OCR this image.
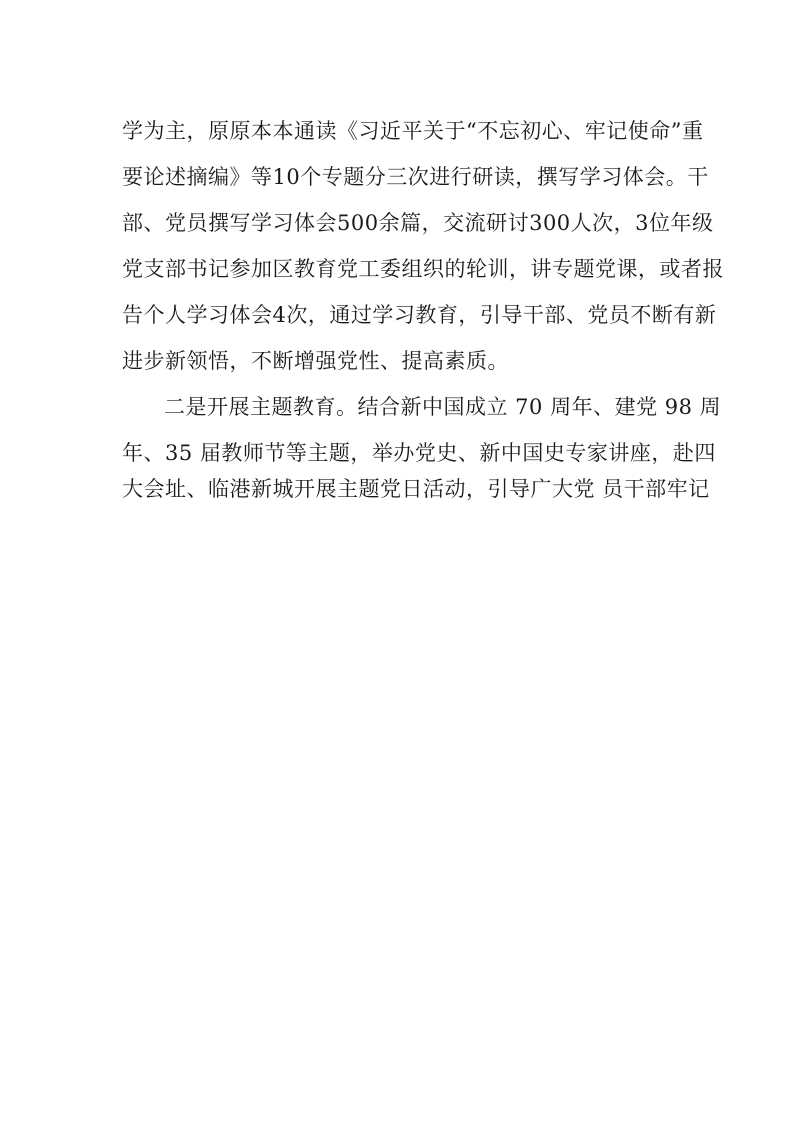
学为主，原原本本通读《习近平关于“不忘初心、牢记使命”重
要论述摘编》等10个专题分三次进行研读，撰写学习体会。干
部、党员撰写学习体会500余篇，交流研讨300人次，3位年级
党支部书记参加区教育党工委组织的轮训，讲专题党课，或者报
告个人学习体会4次，通过学习教育，引导干部、党员不断有新
进步新领悟，不断增强党性、提高素质。
二是开展主题教育。结合新中国成立 70 周年、建党 98 周
年、35 届教师节等主题，举办党史、新中国史专家讲座，赴四
大会址、临港新城开展主题党日活动，引导广大党 员干部牢记
